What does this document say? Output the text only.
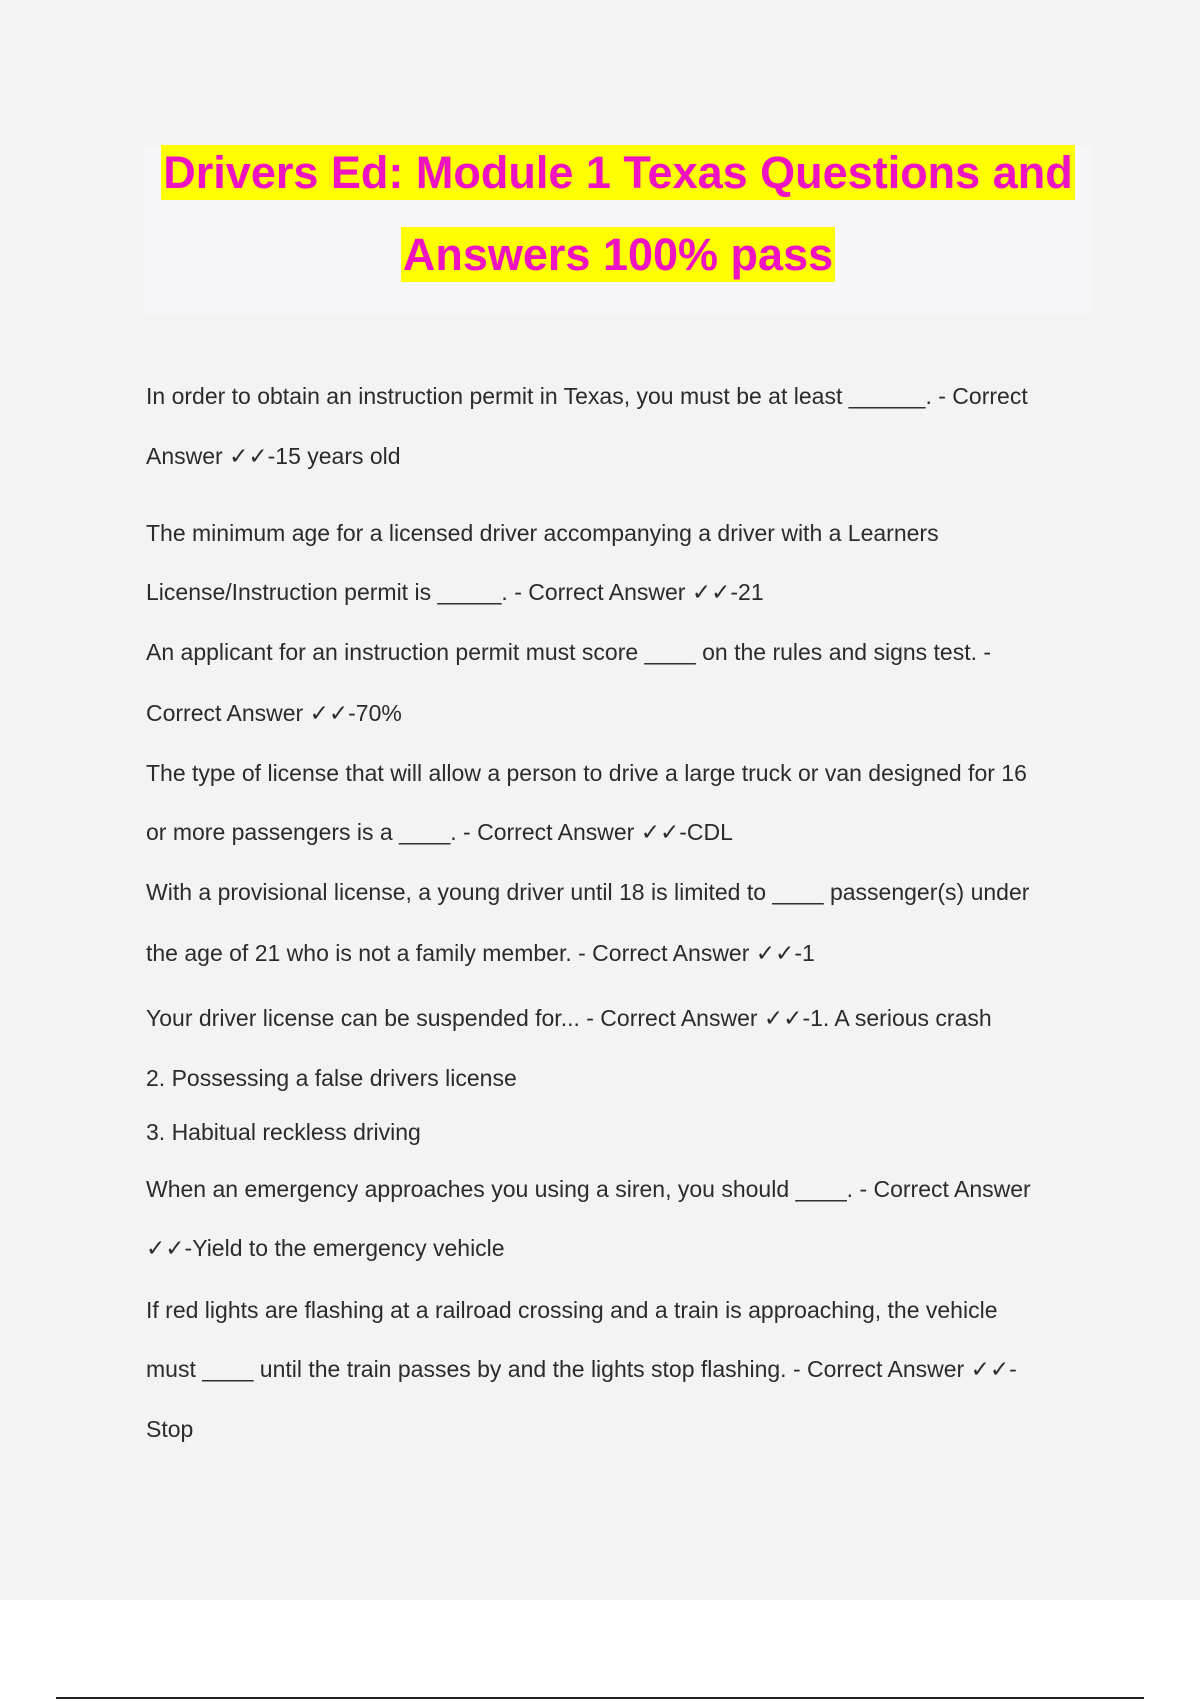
Drivers Ed: Module 1 Texas Questions and
Answers 100% pass
In order to obtain an instruction permit in Texas, you must be at least ______. - Correct
Answer ✓✓-15 years old
The minimum age for a licensed driver accompanying a driver with a Learners
License/Instruction permit is _____. - Correct Answer ✓✓-21
An applicant for an instruction permit must score ____ on the rules and signs test. -
Correct Answer ✓✓-70%
The type of license that will allow a person to drive a large truck or van designed for 16
or more passengers is a ____. - Correct Answer ✓✓-CDL
With a provisional license, a young driver until 18 is limited to ____ passenger(s) under
the age of 21 who is not a family member. - Correct Answer ✓✓-1
Your driver license can be suspended for... - Correct Answer ✓✓-1. A serious crash
2. Possessing a false drivers license
3. Habitual reckless driving
When an emergency approaches you using a siren, you should ____. - Correct Answer
✓✓-Yield to the emergency vehicle
If red lights are flashing at a railroad crossing and a train is approaching, the vehicle
must ____ until the train passes by and the lights stop flashing. - Correct Answer ✓✓-
Stop
